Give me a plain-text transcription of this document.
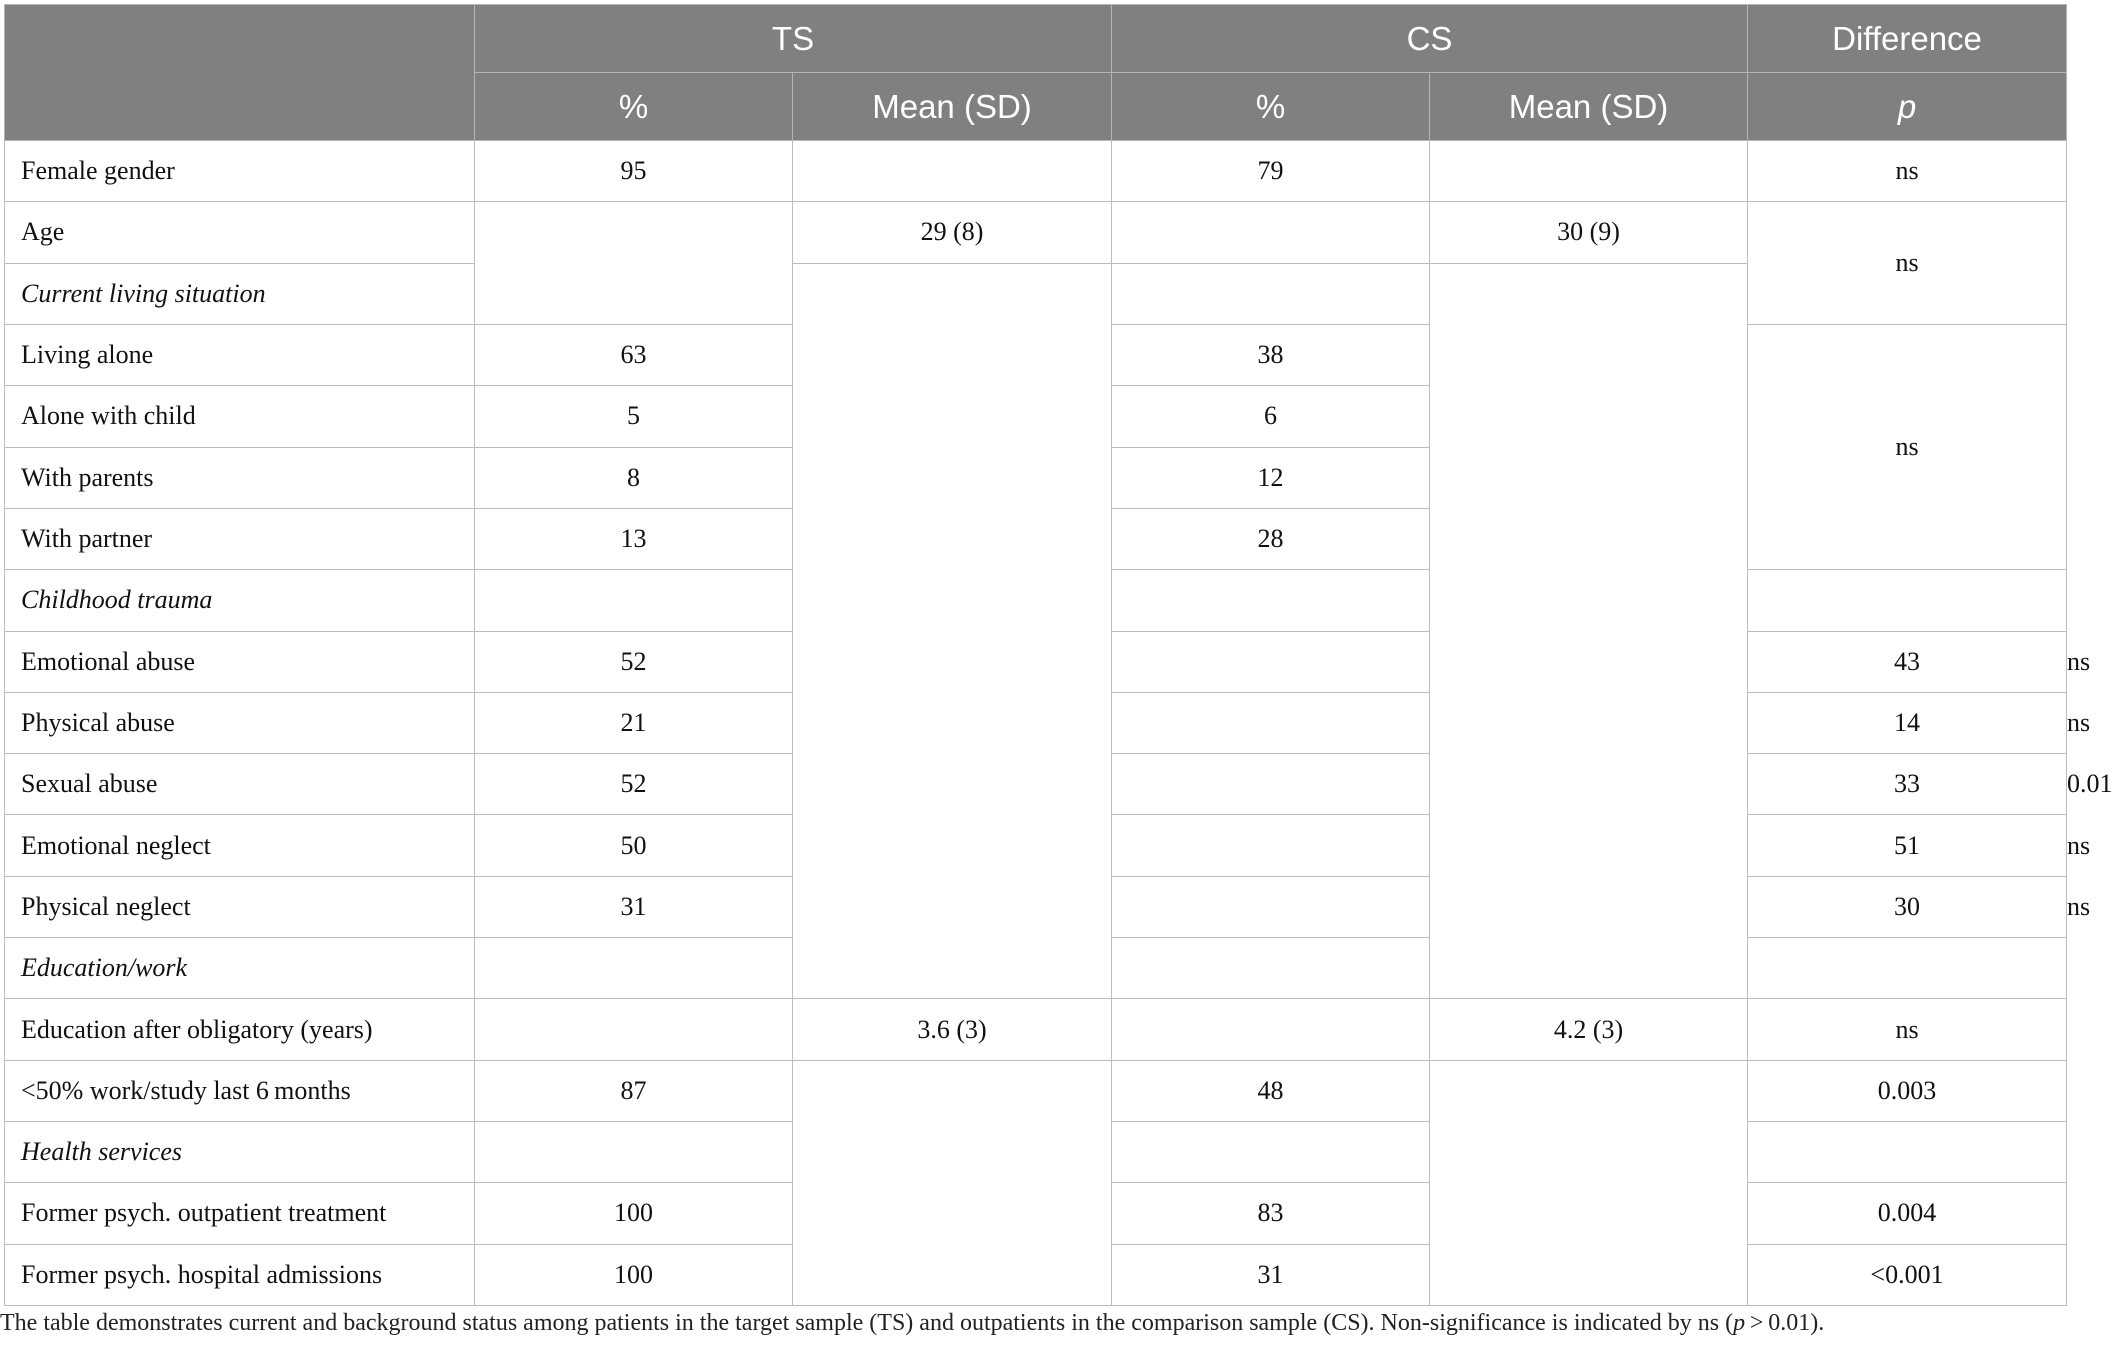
	TS		CS		Difference	
	%	Mean (SD)	%	Mean (SD)	p	
Female gender	95		79		ns	
Age		29 (8)		30 (9)	ns	
Current living situation						
Living alone	63		38		ns	
Alone with child	5		6			
With parents	8		12			
With partner	13		28			
Childhood trauma						
Emotional abuse	52				43		ns
Physical abuse	21				14		ns
Sexual abuse	52				33		0.01
Emotional neglect	50				51		ns
Physical neglect	31				30		ns
Education/work						
Education after obligatory (years)		3.6 (3)		4.2 (3)	ns	
<50% work/study last 6 months	87		48		0.003	
Health services						
Former psych. outpatient treatment	100		83		0.004	
Former psych. hospital admissions	100		31		<0.001	
The table demonstrates current and background status among patients in the target sample (TS) and outpatients in the comparison sample (CS). Non-significance is indicated by ns (p > 0.01).
